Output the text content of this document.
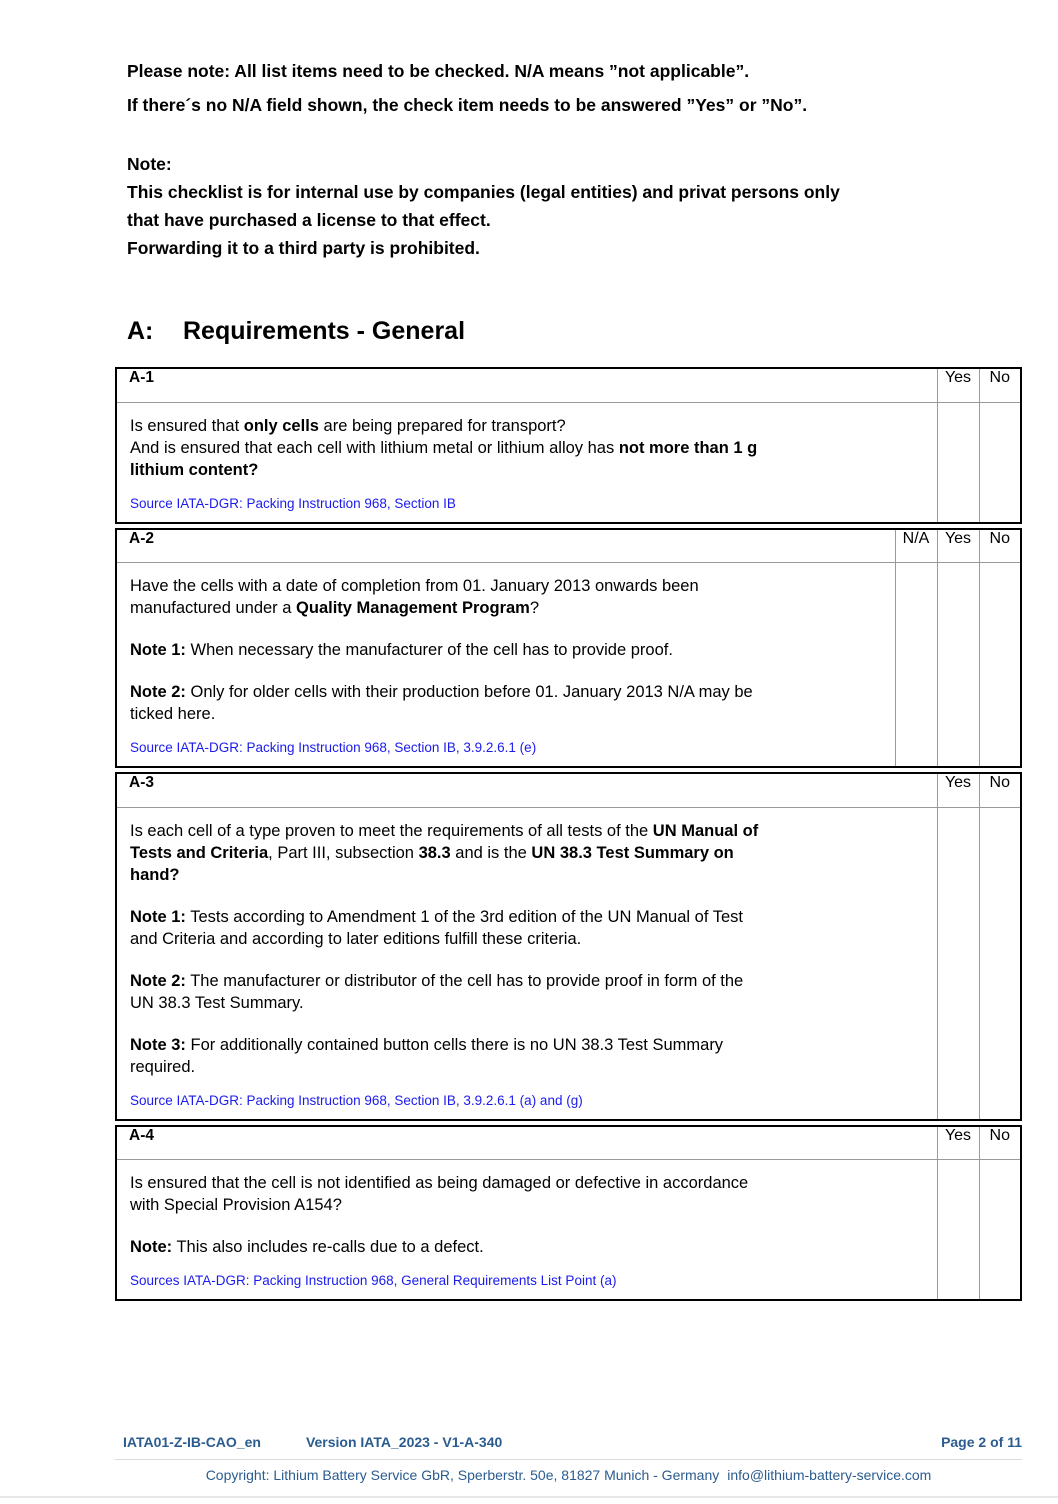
Please note: All list items need to be checked. N/A means ”not applicable”.

If there´s no N/A field shown, the check item needs to be answered ”Yes” or ”No”.

Note:
This checklist is for internal use by companies (legal entities) and privat persons only
that have purchased a license to that effect.
Forwarding it to a third party is prohibited.
A: Requirements - General
A-1	Yes	No

Is ensured that only cells are being prepared for transport?
And is ensured that each cell with lithium metal or lithium alloy has not more than 1 g
lithium content?

Source IATA-DGR: Packing Instruction 968, Section IB		

A-2	N/A	Yes	No

Have the cells with a date of completion from 01. January 2013 onwards been
manufactured under a Quality Management Program?

Note 1: When necessary the manufacturer of the cell has to provide proof.

Note 2: Only for older cells with their production before 01. January 2013 N/A may be
ticked here.

Source IATA-DGR: Packing Instruction 968, Section IB, 3.9.2.6.1 (e)

A-3	Yes	No

Is each cell of a type proven to meet the requirements of all tests of the UN Manual of
Tests and Criteria, Part III, subsection 38.3 and is the UN 38.3 Test Summary on
hand?

Note 1: Tests according to Amendment 1 of the 3rd edition of the UN Manual of Test
and Criteria and according to later editions fulfill these criteria.

Note 2: The manufacturer or distributor of the cell has to provide proof in form of the
UN 38.3 Test Summary.

Note 3: For additionally contained button cells there is no UN 38.3 Test Summary
required.

Source IATA-DGR: Packing Instruction 968, Section IB, 3.9.2.6.1 (a) and (g)

A-4	Yes	No

Is ensured that the cell is not identified as being damaged or defective in accordance
with Special Provision A154?

Note: This also includes re-calls due to a defect.

Sources IATA-DGR: Packing Instruction 968, General Requirements List Point (a)		

IATA01-Z-IB-CAO_en	Version IATA_2023 - V1-A-340	Page 2 of 11
Copyright: Lithium Battery Service GbR, Sperberstr. 50e, 81827 Munich - Germany info@lithium-battery-service.com
